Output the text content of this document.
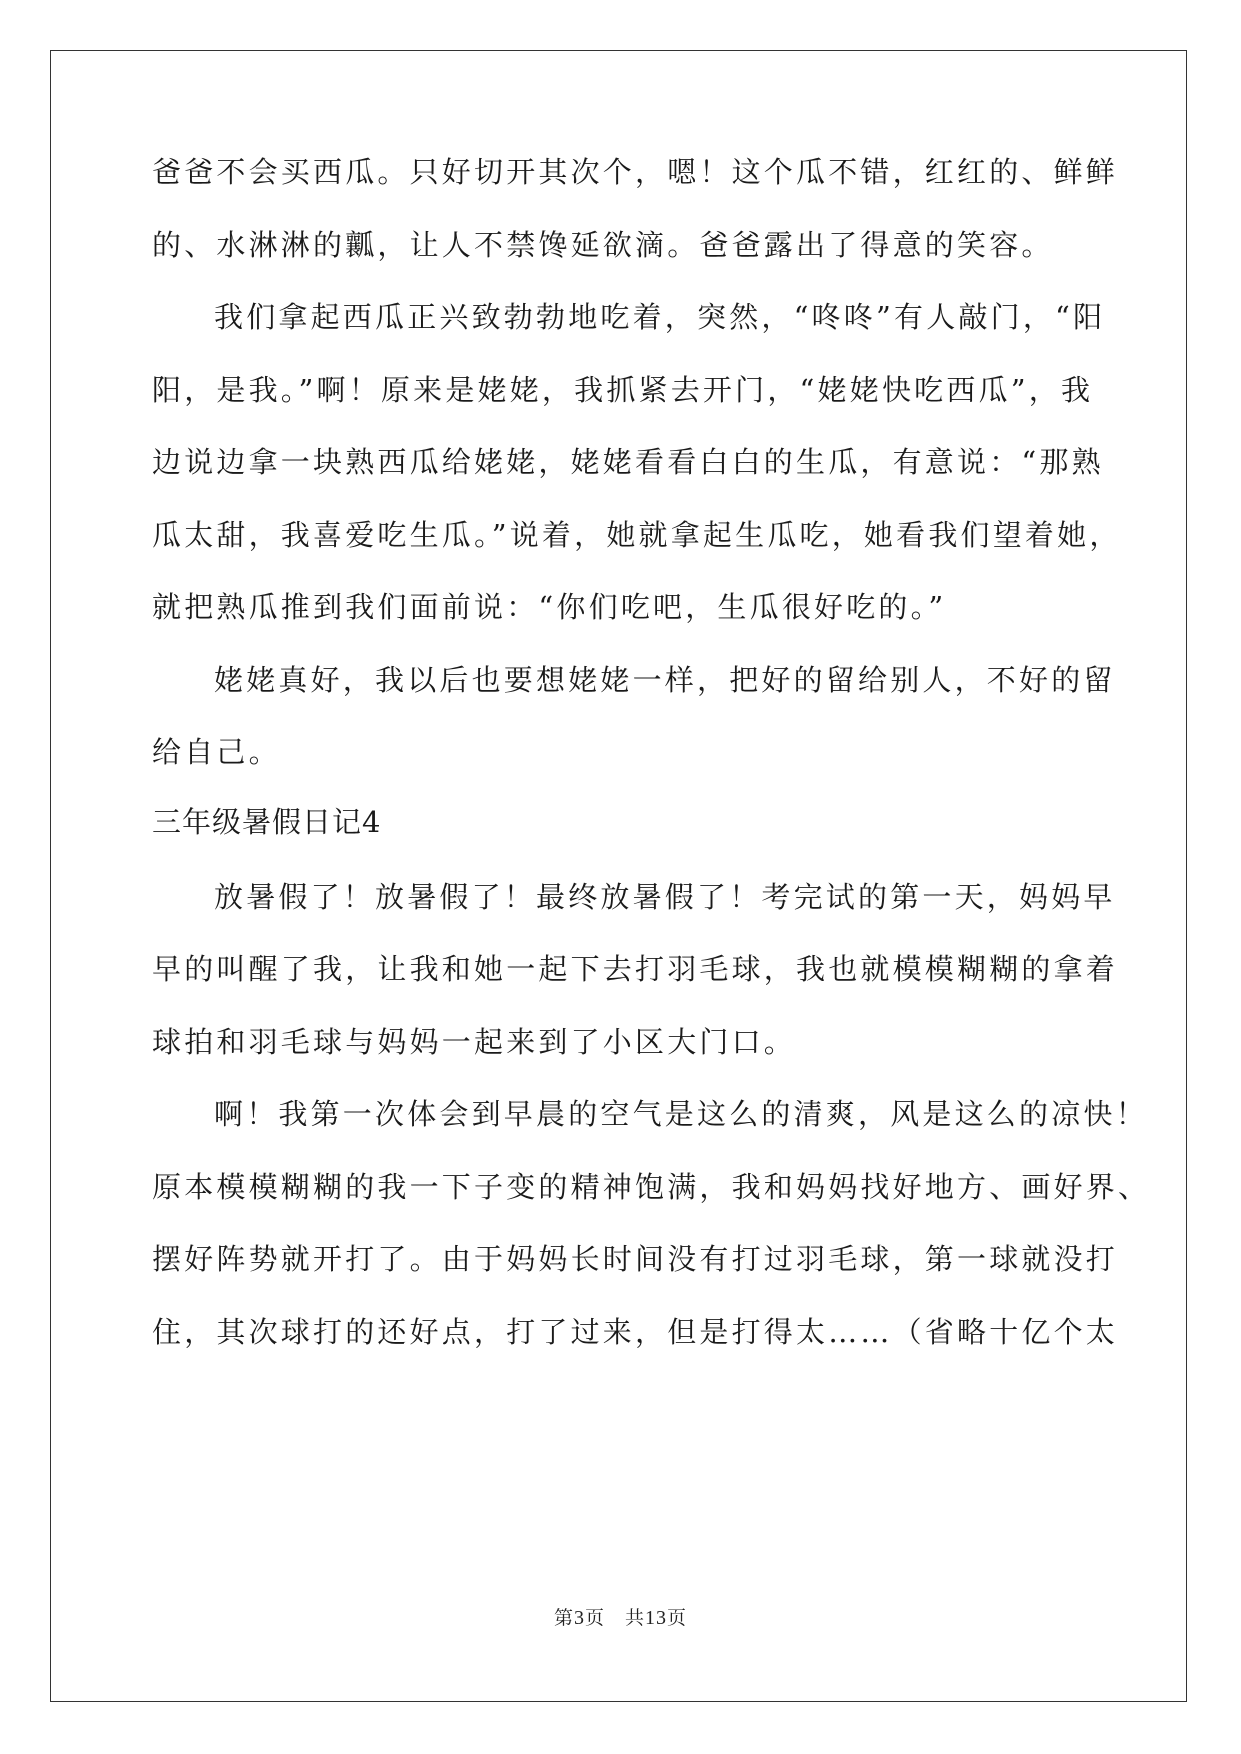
爸爸不会买西瓜。只好切开其次个，嗯！这个瓜不错，红红的、鲜鲜
的、水淋淋的瓤，让人不禁馋延欲滴。爸爸露出了得意的笑容。
我们拿起西瓜正兴致勃勃地吃着，突然，“咚咚”有人敲门，“阳
阳，是我。”啊！原来是姥姥，我抓紧去开门，“姥姥快吃西瓜”，我
边说边拿一块熟西瓜给姥姥，姥姥看看白白的生瓜，有意说：“那熟
瓜太甜，我喜爱吃生瓜。”说着，她就拿起生瓜吃，她看我们望着她，
就把熟瓜推到我们面前说：“你们吃吧，生瓜很好吃的。”
姥姥真好，我以后也要想姥姥一样，把好的留给别人，不好的留
给自己。
三年级暑假日记4
放暑假了！放暑假了！最终放暑假了！考完试的第一天，妈妈早
早的叫醒了我，让我和她一起下去打羽毛球，我也就模模糊糊的拿着
球拍和羽毛球与妈妈一起来到了小区大门口。
啊！我第一次体会到早晨的空气是这么的清爽，风是这么的凉快！
原本模模糊糊的我一下子变的精神饱满，我和妈妈找好地方、画好界、
摆好阵势就开打了。由于妈妈长时间没有打过羽毛球，第一球就没打
住，其次球打的还好点，打了过来，但是打得太……（省略十亿个太
第3页　共13页
